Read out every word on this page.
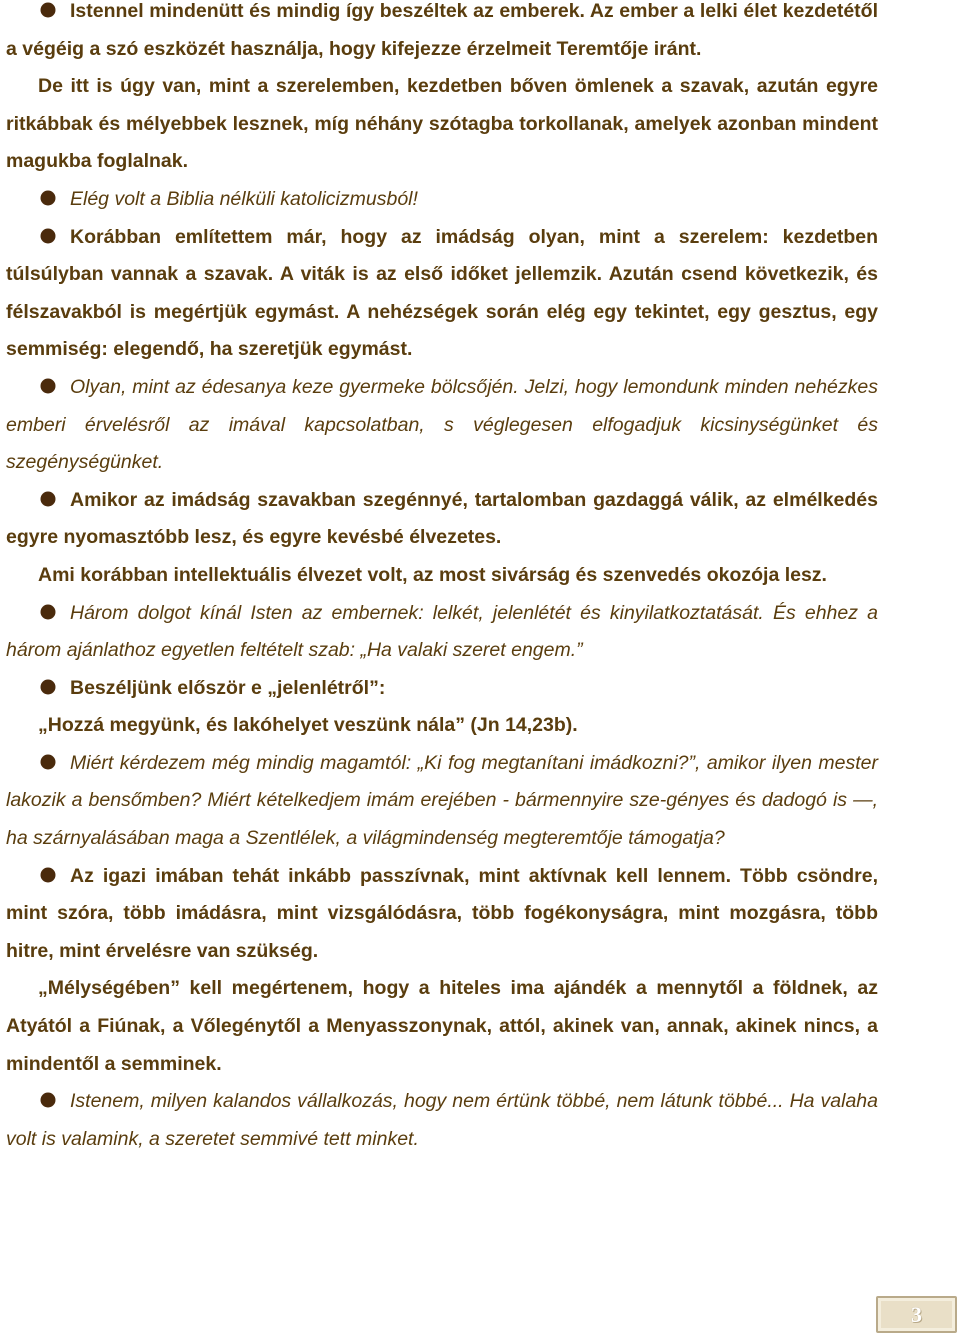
Istennel mindenütt és mindig így beszéltek az emberek. Az ember a lelki élet kezdetétől a végéig a szó eszközét használja, hogy kifejezze érzelmeit Teremtője iránt.

De itt is úgy van, mint a szerelemben, kezdetben bőven ömlenek a szavak, azután egyre ritkábbak és mélyebbek lesznek, míg néhány szótagba torkollanak, amelyek azonban mindent magukba foglalnak.

Elég volt a Biblia nélküli katolicizmusból!

Korábban említettem már, hogy az imádság olyan, mint a szerelem: kezdetben túlsúlyban vannak a szavak. A viták is az első időket jellemzik. Azután csend következik, és félszavakból is megértjük egymást. A nehézségek során elég egy tekintet, egy gesztus, egy semmiség: elegendő, ha szeretjük egymást.

Olyan, mint az édesanya keze gyermeke bölcsőjén. Jelzi, hogy lemondunk minden nehézkes emberi érvelésről az imával kapcsolatban, s véglegesen elfogadjuk kicsinységünket és szegénységünket.

Amikor az imádság szavakban szegénnyé, tartalomban gazdaggá válik, az elmélkedés egyre nyomasztóbb lesz, és egyre kevésbé élvezetes.

Ami korábban intellektuális élvezet volt, az most sivárság és szenvedés okozója lesz.

Három dolgot kínál Isten az embernek: lelkét, jelenlétét és kinyilatkoztatását. És ehhez a három ajánlathoz egyetlen feltételt szab: „Ha valaki szeret engem.”

Beszéljünk először e „jelenlétről”:

„Hozzá megyünk, és lakóhelyet veszünk nála” (Jn 14,23b).

Miért kérdezem még mindig magamtól: „Ki fog megtanítani imádkozni?”, amikor ilyen mester lakozik a bensőmben? Miért kételkedjem imám erejében - bármennyire sze-gényes és dadogó is —, ha szárnyalásában maga a Szentlélek, a világmindenség megteremtője támogatja?

Az igazi imában tehát inkább passzívnak, mint aktívnak kell lennem. Több csöndre, mint szóra, több imádásra, mint vizsgálódásra, több fogékonyságra, mint mozgásra, több hitre, mint érvelésre van szükség.

„Mélységében” kell megértenem, hogy a hiteles ima ajándék a mennytől a földnek, az Atyától a Fiúnak, a Vőlegénytől a Menyasszonynak, attól, akinek van, annak, akinek nincs, a mindentől a semminek.

Istenem, milyen kalandos vállalkozás, hogy nem értünk többé, nem látunk többé... Ha valaha volt is valamink, a szeretet semmivé tett minket.

3
